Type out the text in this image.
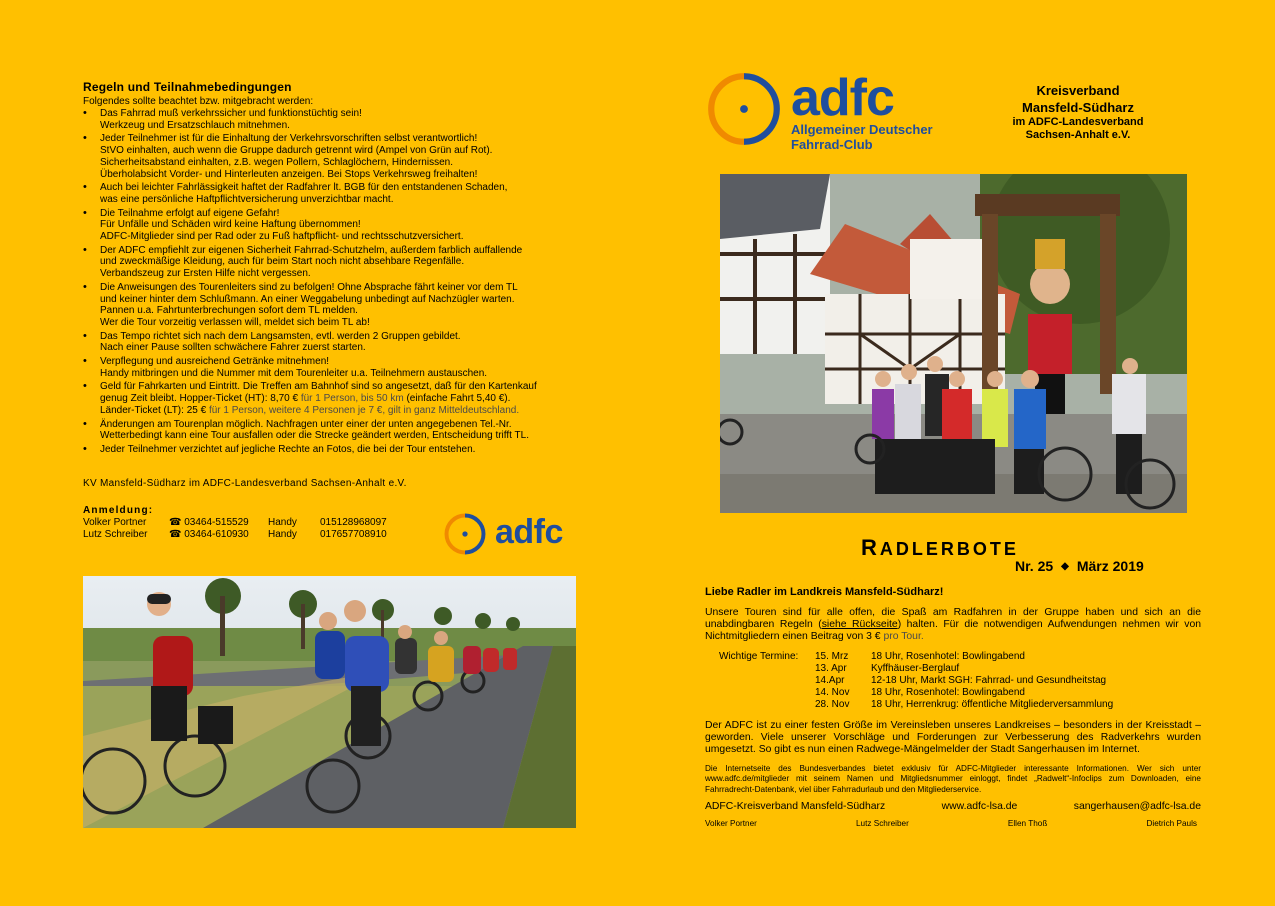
Regeln und Teilnahmebedingungen
Folgendes sollte beachtet bzw. mitgebracht werden:
• Das Fahrrad muß verkehrssicher und funktionstüchtig sein!
Werkzeug und Ersatzschlauch mitnehmen.
• Jeder Teilnehmer ist für die Einhaltung der Verkehrsvorschriften selbst verantwortlich!
StVO einhalten, auch wenn die Gruppe dadurch getrennt wird (Ampel von Grün auf Rot).
Sicherheitsabstand einhalten, z.B. wegen Pollern, Schlaglöchern, Hindernissen.
Überholabsicht Vorder- und Hinterleuten anzeigen. Bei Stops Verkehrsweg freihalten!
• Auch bei leichter Fahrlässigkeit haftet der Radfahrer lt. BGB für den entstandenen Schaden,
was eine persönliche Haftpflichtversicherung unverzichtbar macht.
• Die Teilnahme erfolgt auf eigene Gefahr!
Für Unfälle und Schäden wird keine Haftung übernommen!
ADFC-Mitglieder sind per Rad oder zu Fuß haftpflicht- und rechtsschutzversichert.
• Der ADFC empfiehlt zur eigenen Sicherheit Fahrrad-Schutzhelm, außerdem farblich auffallende
und zweckmäßige Kleidung, auch für beim Start noch nicht absehbare Regenfälle.
Verbandszeug zur Ersten Hilfe nicht vergessen.
• Die Anweisungen des Tourenleiters sind zu befolgen! Ohne Absprache fährt keiner vor dem TL
und keiner hinter dem Schlußmann. An einer Weggabelung unbedingt auf Nachzügler warten.
Pannen u.a. Fahrtunterbrechungen sofort dem TL melden.
Wer die Tour vorzeitig verlassen will, meldet sich beim TL ab!
• Das Tempo richtet sich nach dem Langsamsten, evtl. werden 2 Gruppen gebildet.
Nach einer Pause sollten schwächere Fahrer zuerst starten.
• Verpflegung und ausreichend Getränke mitnehmen!
Handy mitbringen und die Nummer mit dem Tourenleiter u.a. Teilnehmern austauschen.
• Geld für Fahrkarten und Eintritt. Die Treffen am Bahnhof sind so angesetzt, daß für den Kartenkauf
genug Zeit bleibt. Hopper-Ticket (HT): 8,70 € für 1 Person, bis 50 km (einfache Fahrt 5,40 €).
Länder-Ticket (LT): 25 € für 1 Person, weitere 4 Personen je 7 €, gilt in ganz Mitteldeutschland.
• Änderungen am Tourenplan möglich. Nachfragen unter einer der unten angegebenen Tel.-Nr.
Wetterbedingt kann eine Tour ausfallen oder die Strecke geändert werden, Entscheidung trifft TL.
• Jeder Teilnehmer verzichtet auf jegliche Rechte an Fotos, die bei der Tour entstehen.
KV Mansfeld-Südharz im ADFC-Landesverband Sachsen-Anhalt e.V.
Anmeldung:
Volker Portner	☎ 03464-515529	Handy	015128968097
Lutz Schreiber	☎ 03464-610930	Handy	017657708910	adfc
adfc
Allgemeiner Deutscher
Fahrrad-Club
Kreisverband
Mansfeld-Südharz
im ADFC-Landesverband
Sachsen-Anhalt e.V.
RADLERBOTE
Nr. 25 ◆ März 2019
Liebe Radler im Landkreis Mansfeld-Südharz!
Unsere Touren sind für alle offen, die Spaß am Radfahren in der Gruppe haben und sich an die unabdingbaren Regeln (siehe Rückseite) halten. Für die notwendigen Aufwendungen nehmen wir von Nichtmitgliedern einen Beitrag von 3 € pro Tour.
Wichtige Termine:	15. Mrz	18 Uhr, Rosenhotel: Bowlingabend
13. Apr	Kyffhäuser-Berglauf
14.Apr	12-18 Uhr, Markt SGH: Fahrrad- und Gesundheitstag
14. Nov	18 Uhr, Rosenhotel: Bowlingabend
28. Nov	18 Uhr, Herrenkrug: öffentliche Mitgliederversammlung
Der ADFC ist zu einer festen Größe im Vereinsleben unseres Landkreises – besonders in der Kreisstadt – geworden. Viele unserer Vorschläge und Forderungen zur Verbesserung des Radverkehrs wurden umgesetzt. So gibt es nun einen Radwege-Mängelmelder der Stadt Sangerhausen im Internet.
Die Internetseite des Bundesverbandes bietet exklusiv für ADFC-Mitglieder interessante Informationen. Wer sich unter www.adfc.de/mitglieder mit seinem Namen und Mitgliedsnummer einloggt, findet „Radwelt“-Infoclips zum Downloaden, eine Fahrradrecht-Datenbank, viel über Fahrradurlaub und den Mitgliederservice.
ADFC-Kreisverband Mansfeld-Südharz	www.adfc-lsa.de	sangerhausen@adfc-lsa.de
Volker Portner	Lutz Schreiber	Ellen Thoß	Dietrich Pauls
